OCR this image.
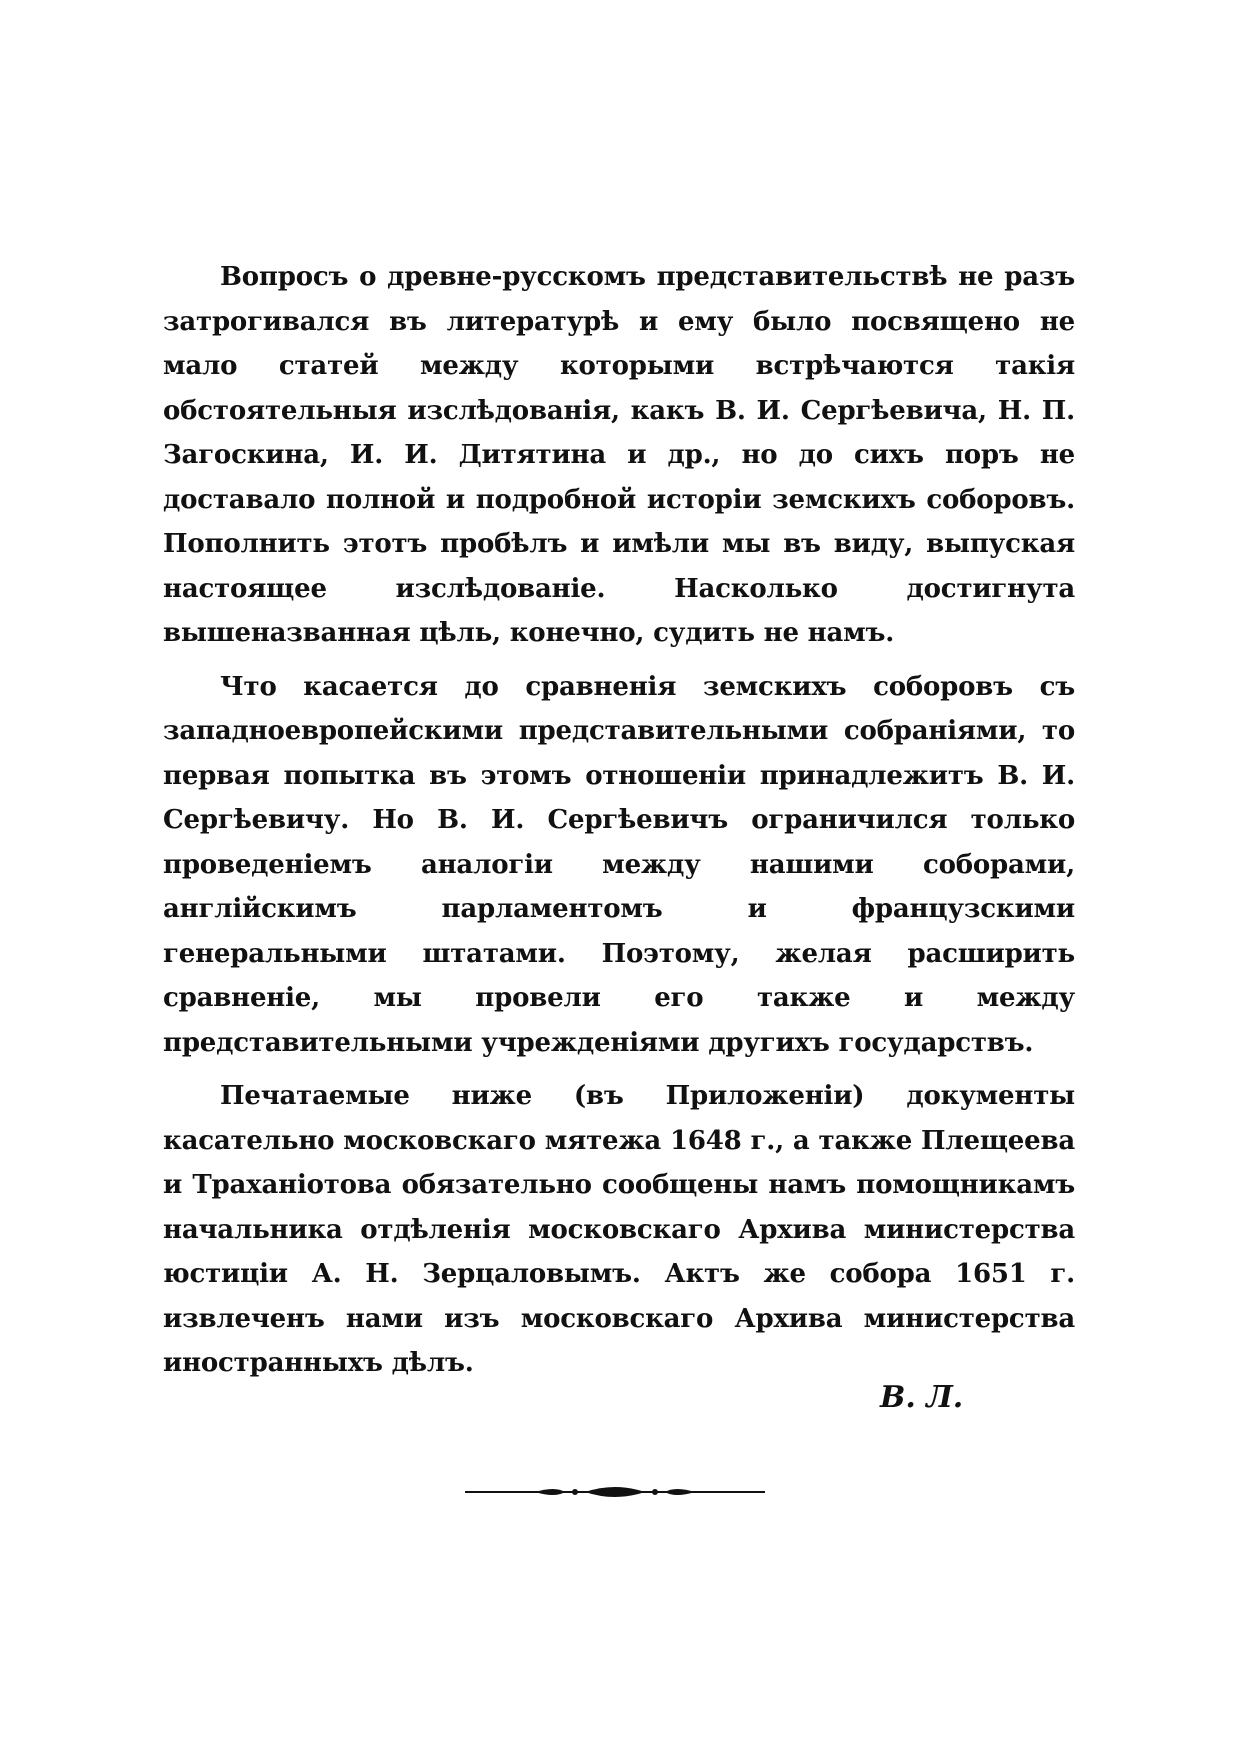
Вопросъ о древне-русскомъ представительствѣ не разъ затрогивался въ литературѣ и ему было посвящено не мало статей между которыми встрѣчаются такія обстоятельныя изслѣдованія, какъ В. И. Сергѣевича, Н. П. Загоскина, И. И. Дитятина и др., но до сихъ поръ не доставало полной и подробной исторіи земскихъ соборовъ. Пополнить этотъ пробѣлъ и имѣли мы въ виду, выпуская настоящее изслѣдованіе. Насколько достигнута вышеназванная цѣль, конечно, судить не намъ.

Что касается до сравненія земскихъ соборовъ съ западноевропейскими представительными собраніями, то первая попытка въ этомъ отношеніи принадлежитъ В. И. Сергѣевичу. Но В. И. Сергѣевичъ ограничился только проведеніемъ аналогіи между нашими соборами, англійскимъ парламентомъ и французскими генеральными штатами. Поэтому, желая расширить сравненіе, мы провели его также и между представительными учрежденіями другихъ государствъ.

Печатаемые ниже (въ Приложеніи) документы касательно московскаго мятежа 1648 г., а также Плещеева и Траханіотова обязательно сообщены намъ помощникамъ начальника отдѣленія московскаго Архива министерства юстиціи А. Н. Зерцаловымъ. Актъ же собора 1651 г. извлеченъ нами изъ московскаго Архива министерства иностранныхъ дѣлъ.

В. Л.
